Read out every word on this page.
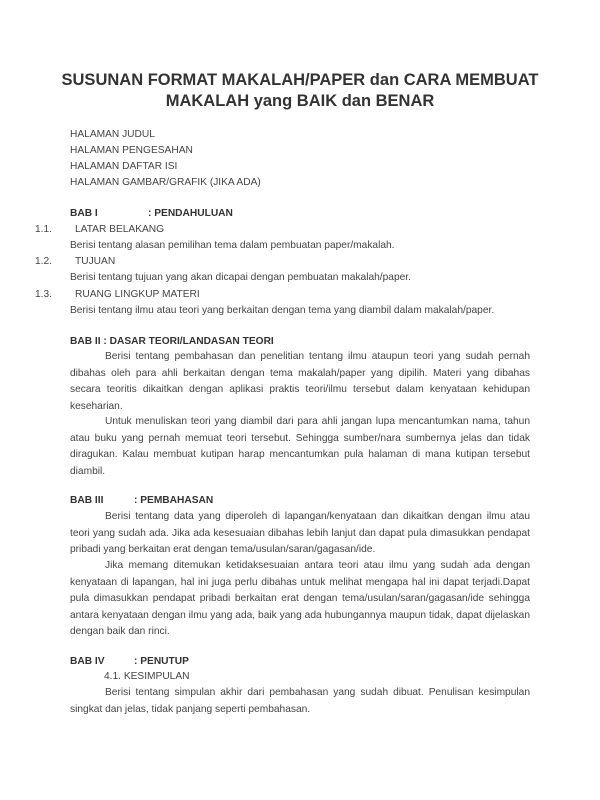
SUSUNAN FORMAT MAKALAH/PAPER dan CARA MEMBUAT
MAKALAH yang BAIK dan BENAR
HALAMAN JUDUL
HALAMAN PENGESAHAN
HALAMAN DAFTAR ISI
HALAMAN GAMBAR/GRAFIK (JIKA ADA)
BAB I	: PENDAHULUAN
1.1. LATAR BELAKANG
Berisi tentang alasan pemilihan tema dalam pembuatan paper/makalah.
1.2. TUJUAN
Berisi tentang tujuan yang akan dicapai dengan pembuatan makalah/paper.
1.3. RUANG LINGKUP MATERI
Berisi tentang ilmu atau teori yang berkaitan dengan tema yang diambil dalam makalah/paper.
BAB II : DASAR TEORI/LANDASAN TEORI
Berisi tentang pembahasan dan penelitian tentang ilmu ataupun teori yang sudah pernah dibahas oleh para ahli berkaitan dengan tema makalah/paper yang dipilih. Materi yang dibahas secara teoritis dikaitkan dengan aplikasi praktis teori/ilmu tersebut dalam kenyataan kehidupan keseharian.
Untuk menuliskan teori yang diambil dari para ahli jangan lupa mencantumkan nama, tahun atau buku yang pernah memuat teori tersebut. Sehingga sumber/nara sumbernya jelas dan tidak diragukan. Kalau membuat kutipan harap mencantumkan pula halaman di mana kutipan tersebut diambil.
BAB III	: PEMBAHASAN
Berisi tentang data yang diperoleh di lapangan/kenyataan dan dikaitkan dengan ilmu atau teori yang sudah ada. Jika ada kesesuaian dibahas lebih lanjut dan dapat pula dimasukkan pendapat pribadi yang berkaitan erat dengan tema/usulan/saran/gagasan/ide.
Jika memang ditemukan ketidaksesuaian antara teori atau ilmu yang sudah ada dengan kenyataan di lapangan, hal ini juga perlu dibahas untuk melihat mengapa hal ini dapat terjadi.Dapat pula dimasukkan pendapat pribadi berkaitan erat dengan tema/usulan/saran/gagasan/ide sehingga antara kenyataan dengan ilmu yang ada, baik yang ada hubungannya maupun tidak, dapat dijelaskan dengan baik dan rinci.
BAB IV	: PENUTUP
4.1. KESIMPULAN
Berisi tentang simpulan akhir dari pembahasan yang sudah dibuat. Penulisan kesimpulan singkat dan jelas, tidak panjang seperti pembahasan.
